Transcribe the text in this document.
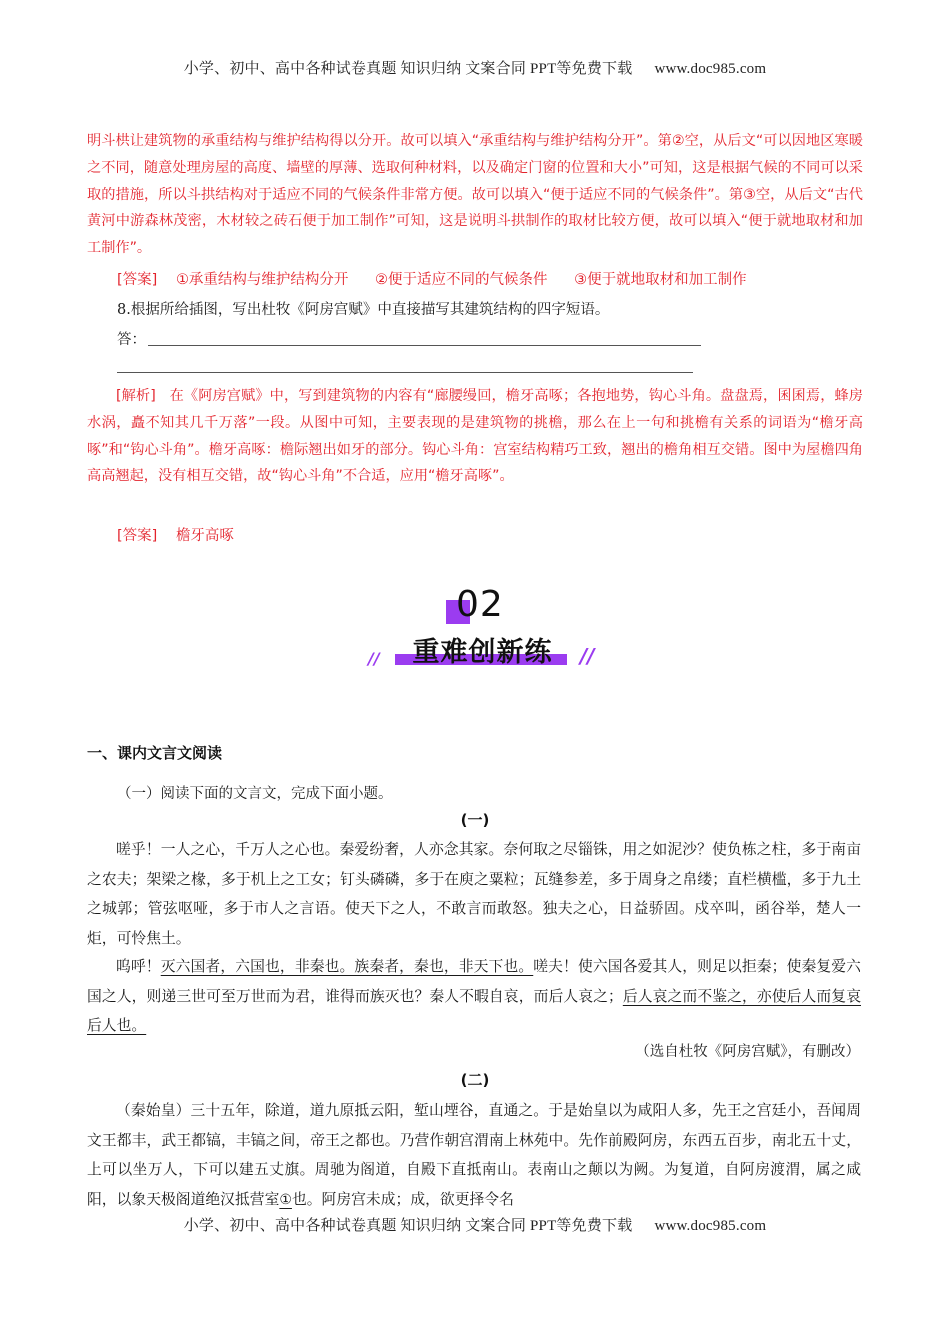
小学、初中、高中各种试卷真题 知识归纳 文案合同 PPT等免费下载 www.doc985.com
明斗栱让建筑物的承重结构与维护结构得以分开。故可以填入“承重结构与维护结构分开”。第②空，从后文“可以因地区寒暖之不同，随意处理房屋的高度、墙壁的厚薄、选取何种材料，以及确定门窗的位置和大小”可知，这是根据气候的不同可以采取的措施，所以斗拱结构对于适应不同的气候条件非常方便。故可以填入“便于适应不同的气候条件”。第③空，从后文“古代黄河中游森林茂密，木材较之砖石便于加工制作”可知，这是说明斗拱制作的取材比较方便，故可以填入“便于就地取材和加工制作”。
[答案] ①承重结构与维护结构分开 ②便于适应不同的气候条件 ③便于就地取材和加工制作
8.根据所给插图，写出杜牧《阿房宫赋》中直接描写其建筑结构的四字短语。
答：
[解析] 在《阿房宫赋》中，写到建筑物的内容有“廊腰缦回，檐牙高啄；各抱地势，钩心斗角。盘盘焉，囷囷焉，蜂房水涡，矗不知其几千万落”一段。从图中可知，主要表现的是建筑物的挑檐，那么在上一句和挑檐有关系的词语为“檐牙高啄”和“钩心斗角”。檐牙高啄：檐际翘出如牙的部分。钩心斗角：宫室结构精巧工致，翘出的檐角相互交错。图中为屋檐四角高高翘起，没有相互交错，故“钩心斗角”不合适，应用“檐牙高啄”。
[答案] 檐牙高啄
02
//	重难创新练	//
一、课内文言文阅读
（一）阅读下面的文言文，完成下面小题。
(一)
嗟乎！一人之心，千万人之心也。秦爱纷奢，人亦念其家。奈何取之尽锱铢，用之如泥沙？使负栋之柱，多于南亩之农夫；架梁之椽，多于机上之工女；钉头磷磷，多于在庾之粟粒；瓦缝参差，多于周身之帛缕；直栏横槛，多于九土之城郭；管弦呕哑，多于市人之言语。使天下之人，不敢言而敢怒。独夫之心，日益骄固。戍卒叫，函谷举，楚人一炬，可怜焦土。
呜呼！灭六国者，六国也，非秦也。族秦者，秦也，非天下也。嗟夫！使六国各爱其人，则足以拒秦；使秦复爱六国之人，则递三世可至万世而为君，谁得而族灭也？秦人不暇自哀，而后人哀之；后人哀之而不鉴之，亦使后人而复哀后人也。
（选自杜牧《阿房宫赋》，有删改）
(二)
（秦始皇）三十五年，除道，道九原抵云阳，堑山堙谷，直通之。于是始皇以为咸阳人多，先王之宫廷小，吾闻周文王都丰，武王都镐，丰镐之间，帝王之都也。乃营作朝宫渭南上林苑中。先作前殿阿房，东西五百步，南北五十丈，上可以坐万人，下可以建五丈旗。周驰为阁道，自殿下直抵南山。表南山之颠以为阙。为复道，自阿房渡渭，属之咸阳，以象天极阁道绝汉抵营室①也。阿房宫未成；成，欲更择令名
小学、初中、高中各种试卷真题 知识归纳 文案合同 PPT等免费下载 www.doc985.com
